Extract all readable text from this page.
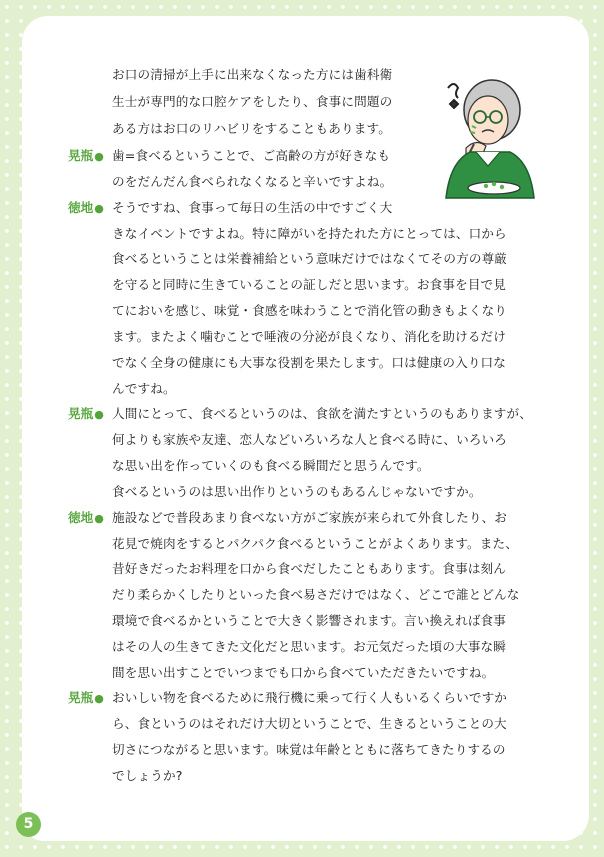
お口の清掃が上手に出来なくなった方には歯科衛
生士が専門的な口腔ケアをしたり、食事に問題の
ある方はお口のリハビリをすることもあります。
晃瓶● 歯=食べるということで、ご高齢の方が好きなも
のをだんだん食べられなくなると辛いですよね。
徳地● そうですね、食事って毎日の生活の中ですごく大
きなイベントですよね。特に障がいを持たれた方にとっては、口から
食べるということは栄養補給という意味だけではなくてその方の尊厳
を守ると同時に生きていることの証しだと思います。お食事を目で見
てにおいを感じ、味覚・食感を味わうことで消化管の動きもよくなり
ます。またよく噛むことで唾液の分泌が良くなり、消化を助けるだけ
でなく全身の健康にも大事な役割を果たします。口は健康の入り口な
んですね。
晃瓶● 人間にとって、食べるというのは、食欲を満たすというのもありますが、
何よりも家族や友達、恋人などいろいろな人と食べる時に、いろいろ
な思い出を作っていくのも食べる瞬間だと思うんです。
食べるというのは思い出作りというのもあるんじゃないですか。
徳地● 施設などで普段あまり食べない方がご家族が来られて外食したり、お
花見で焼肉をするとパクパク食べるということがよくあります。また、
昔好きだったお料理を口から食べだしたこともあります。食事は刻ん
だり柔らかくしたりといった食べ易さだけではなく、どこで誰とどんな
環境で食べるかということで大きく影響されます。言い換えれば食事
はその人の生きてきた文化だと思います。お元気だった頃の大事な瞬
間を思い出すことでいつまでも口から食べていただきたいですね。
晃瓶● おいしい物を食べるために飛行機に乗って行く人もいるくらいですか
ら、食というのはそれだけ大切ということで、生きるということの大
切さにつながると思います。味覚は年齢とともに落ちてきたりするの
でしょうか?
5
